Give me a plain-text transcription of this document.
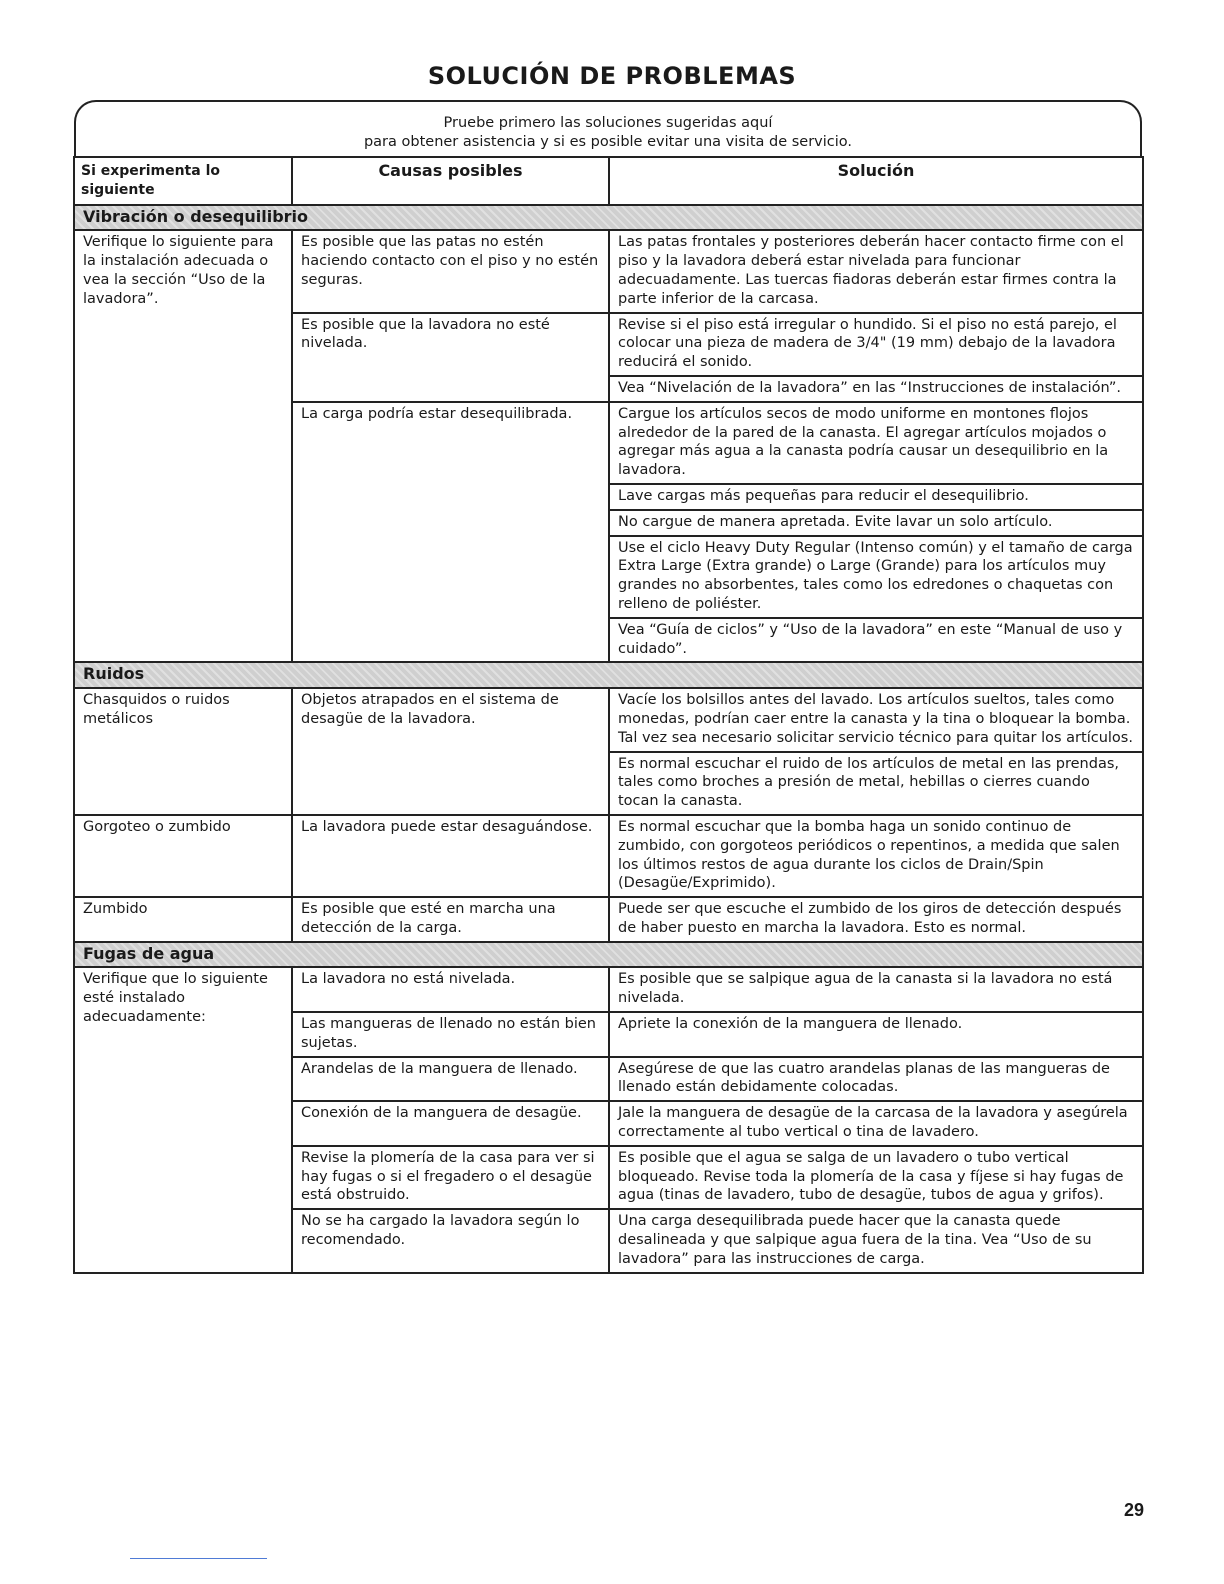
SOLUCIÓN DE PROBLEMAS
Pruebe primero las soluciones sugeridas aquí
para obtener asistencia y si es posible evitar una visita de servicio.
Si experimenta lo siguiente	Causas posibles	Solución
Vibración o desequilibrio		
Verifique lo siguiente para la instalación adecuada o vea la sección “Uso de la lavadora”.	Es posible que las patas no estén haciendo contacto con el piso y no estén seguras.	Las patas frontales y posteriores deberán hacer contacto firme con el piso y la lavadora deberá estar nivelada para funcionar adecuadamente. Las tuercas fiadoras deberán estar firmes contra la parte inferior de la carcasa.
	Es posible que la lavadora no esté nivelada.	Revise si el piso está irregular o hundido. Si el piso no está parejo, el colocar una pieza de madera de 3/4" (19 mm) debajo de la lavadora reducirá el sonido.
		Vea “Nivelación de la lavadora” en las “Instrucciones de instalación”.
	La carga podría estar desequilibrada.	Cargue los artículos secos de modo uniforme en montones flojos alrededor de la pared de la canasta. El agregar artículos mojados o agregar más agua a la canasta podría causar un desequilibrio en la lavadora.
		Lave cargas más pequeñas para reducir el desequilibrio.
		No cargue de manera apretada. Evite lavar un solo artículo.
		Use el ciclo Heavy Duty Regular (Intenso común) y el tamaño de carga Extra Large (Extra grande) o Large (Grande) para los artículos muy grandes no absorbentes, tales como los edredones o chaquetas con relleno de poliéster.
		Vea “Guía de ciclos” y “Uso de la lavadora” en este “Manual de uso y cuidado”.
Ruidos		
Chasquidos o ruidos metálicos	Objetos atrapados en el sistema de desagüe de la lavadora.	Vacíe los bolsillos antes del lavado. Los artículos sueltos, tales como monedas, podrían caer entre la canasta y la tina o bloquear la bomba. Tal vez sea necesario solicitar servicio técnico para quitar los artículos.
		Es normal escuchar el ruido de los artículos de metal en las prendas, tales como broches a presión de metal, hebillas o cierres cuando tocan la canasta.
Gorgoteo o zumbido	La lavadora puede estar desaguándose.	Es normal escuchar que la bomba haga un sonido continuo de zumbido, con gorgoteos periódicos o repentinos, a medida que salen los últimos restos de agua durante los ciclos de Drain/Spin (Desagüe/Exprimido).
Zumbido	Es posible que esté en marcha una detección de la carga.	Puede ser que escuche el zumbido de los giros de detección después de haber puesto en marcha la lavadora. Esto es normal.
Fugas de agua		
Verifique que lo siguiente esté instalado adecuadamente:	La lavadora no está nivelada.	Es posible que se salpique agua de la canasta si la lavadora no está nivelada.
	Las mangueras de llenado no están bien sujetas.	Apriete la conexión de la manguera de llenado.
	Arandelas de la manguera de llenado.	Asegúrese de que las cuatro arandelas planas de las mangueras de llenado están debidamente colocadas.
	Conexión de la manguera de desagüe.	Jale la manguera de desagüe de la carcasa de la lavadora y asegúrela correctamente al tubo vertical o tina de lavadero.
	Revise la plomería de la casa para ver si hay fugas o si el fregadero o el desagüe está obstruido.	Es posible que el agua se salga de un lavadero o tubo vertical bloqueado. Revise toda la plomería de la casa y fíjese si hay fugas de agua (tinas de lavadero, tubo de desagüe, tubos de agua y grifos).
	No se ha cargado la lavadora según lo recomendado.	Una carga desequilibrada puede hacer que la canasta quede desalineada y que salpique agua fuera de la tina. Vea “Uso de su lavadora” para las instrucciones de carga.
29
